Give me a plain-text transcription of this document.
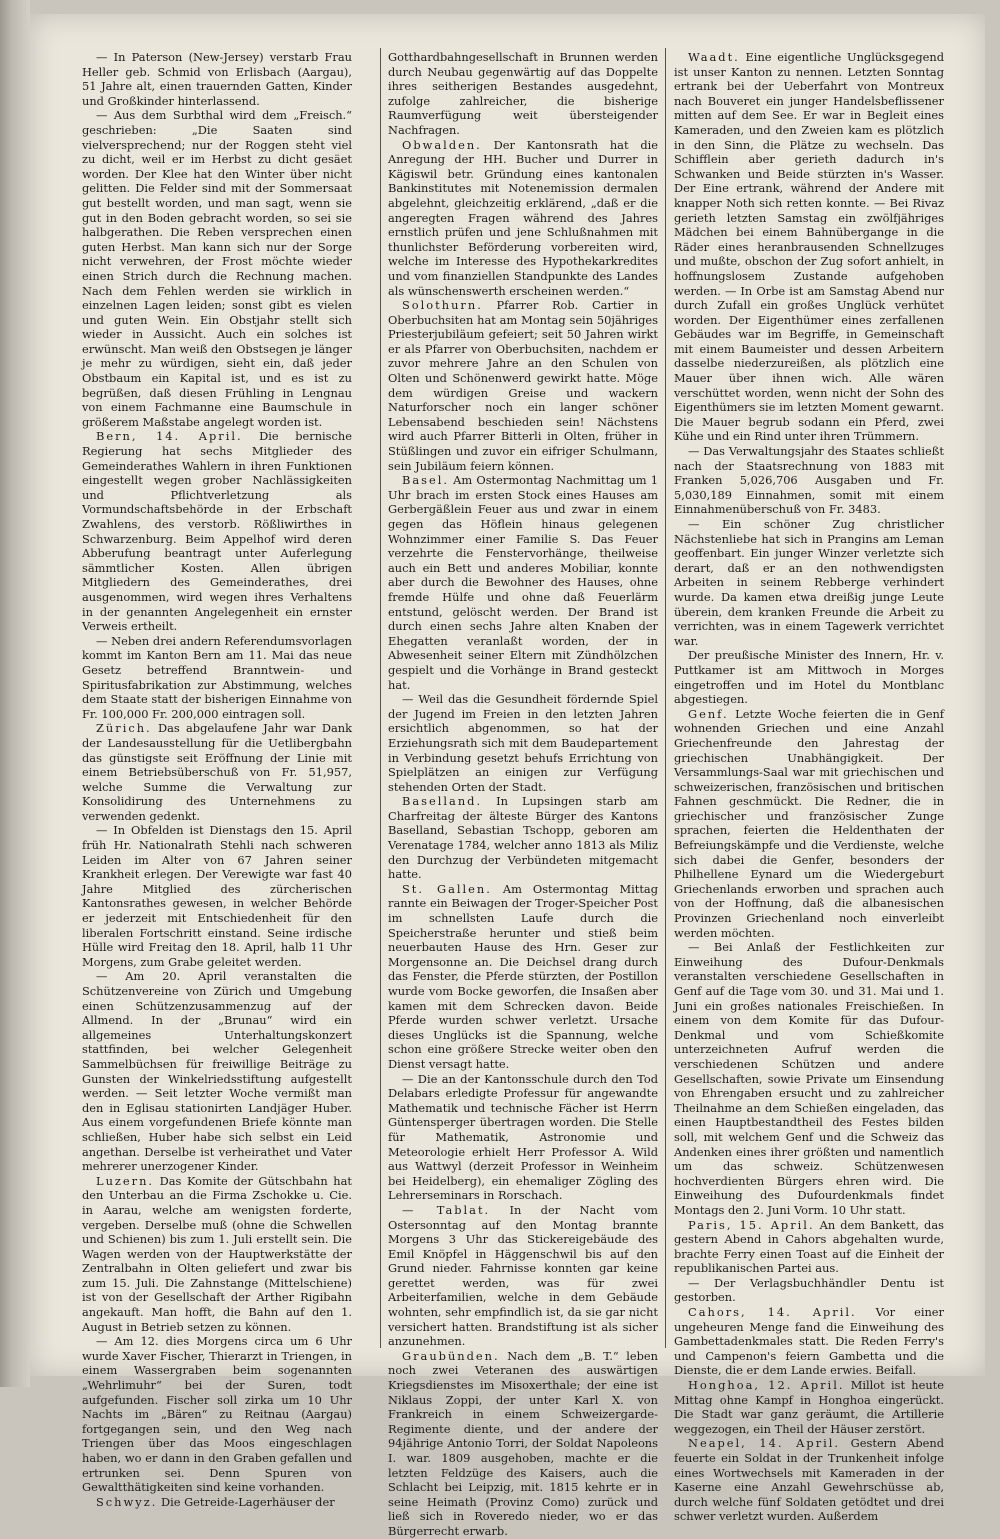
— In Paterson (New-Jersey) verstarb Frau Heller geb. Schmid von Erlisbach (Aargau), 51 Jahre alt, einen trauernden Gatten, Kinder und Großkinder hinterlassend.

— Aus dem Surbthal wird dem „Freisch.“ geschrieben: „Die Saaten sind vielversprechend; nur der Roggen steht viel zu dicht, weil er im Herbst zu dicht gesäet worden. Der Klee hat den Winter über nicht gelitten. Die Felder sind mit der Sommersaat gut bestellt worden, und man sagt, wenn sie gut in den Boden gebracht worden, so sei sie halbgerathen. Die Reben versprechen einen guten Herbst. Man kann sich nur der Sorge nicht verwehren, der Frost möchte wieder einen Strich durch die Rechnung machen. Nach dem Fehlen werden sie wirklich in einzelnen Lagen leiden; sonst gibt es vielen und guten Wein. Ein Obstjahr stellt sich wieder in Aussicht. Auch ein solches ist erwünscht. Man weiß den Obstsegen je länger je mehr zu würdigen, sieht ein, daß jeder Obstbaum ein Kapital ist, und es ist zu begrüßen, daß diesen Frühling in Lengnau von einem Fachmanne eine Baumschule in größerem Maßstabe angelegt worden ist.

Bern, 14. April. Die bernische Regierung hat sechs Mitglieder des Gemeinderathes Wahlern in ihren Funktionen eingestellt wegen grober Nachlässigkeiten und Pflichtverletzung als Vormundschaftsbehörde in der Erbschaft Zwahlens, des verstorb. Rößliwirthes in Schwarzenburg. Beim Appelhof wird deren Abberufung beantragt unter Auferlegung sämmtlicher Kosten. Allen übrigen Mitgliedern des Gemeinderathes, drei ausgenommen, wird wegen ihres Verhaltens in der genannten Angelegenheit ein ernster Verweis ertheilt.

— Neben drei andern Referendumsvorlagen kommt im Kanton Bern am 11. Mai das neue Gesetz betreffend Branntwein- und Spiritusfabrikation zur Abstimmung, welches dem Staate statt der bisherigen Einnahme von Fr. 100,000 Fr. 200,000 eintragen soll.

Zürich. Das abgelaufene Jahr war Dank der Landesausstellung für die Uetlibergbahn das günstigste seit Eröffnung der Linie mit einem Betriebsüberschuß von Fr. 51,957, welche Summe die Verwaltung zur Konsolidirung des Unternehmens zu verwenden gedenkt.

— In Obfelden ist Dienstags den 15. April früh Hr. Nationalrath Stehli nach schweren Leiden im Alter von 67 Jahren seiner Krankheit erlegen. Der Verewigte war fast 40 Jahre Mitglied des zürcherischen Kantonsrathes gewesen, in welcher Behörde er jederzeit mit Entschiedenheit für den liberalen Fortschritt einstand. Seine irdische Hülle wird Freitag den 18. April, halb 11 Uhr Morgens, zum Grabe geleitet werden.

— Am 20. April veranstalten die Schützenvereine von Zürich und Umgebung einen Schützenzusammenzug auf der Allmend. In der „Brunau“ wird ein allgemeines Unterhaltungskonzert stattfinden, bei welcher Gelegenheit Sammelbüchsen für freiwillige Beiträge zu Gunsten der Winkelriedsstiftung aufgestellt werden. — Seit letzter Woche vermißt man den in Eglisau stationirten Landjäger Huber. Aus einem vorgefundenen Briefe könnte man schließen, Huber habe sich selbst ein Leid angethan. Derselbe ist verheirathet und Vater mehrerer unerzogener Kinder.

Luzern. Das Komite der Gütschbahn hat den Unterbau an die Firma Zschokke u. Cie. in Aarau, welche am wenigsten forderte, vergeben. Derselbe muß (ohne die Schwellen und Schienen) bis zum 1. Juli erstellt sein. Die Wagen werden von der Hauptwerkstätte der Zentralbahn in Olten geliefert und zwar bis zum 15. Juli. Die Zahnstange (Mittelschiene) ist von der Gesellschaft der Arther Rigibahn angekauft. Man hofft, die Bahn auf den 1. August in Betrieb setzen zu können.

— Am 12. dies Morgens circa um 6 Uhr wurde Xaver Fischer, Thierarzt in Triengen, in einem Wassergraben beim sogenannten „Wehrlimuhr“ bei der Suren, todt aufgefunden. Fischer soll zirka um 10 Uhr Nachts im „Bären“ zu Reitnau (Aargau) fortgegangen sein, und den Weg nach Triengen über das Moos eingeschlagen haben, wo er dann in den Graben gefallen und ertrunken sei. Denn Spuren von Gewaltthätigkeiten sind keine vorhanden.

Schwyz. Die Getreide-Lagerhäuser der

Gotthardbahngesellschaft in Brunnen werden durch Neubau gegenwärtig auf das Doppelte ihres seitherigen Bestandes ausgedehnt, zufolge zahlreicher, die bisherige Raumverfügung weit übersteigender Nachfragen.

Obwalden. Der Kantonsrath hat die Anregung der HH. Bucher und Durrer in Kägiswil betr. Gründung eines kantonalen Bankinstitutes mit Notenemission dermalen abgelehnt, gleichzeitig erklärend, „daß er die angeregten Fragen während des Jahres ernstlich prüfen und jene Schlußnahmen mit thunlichster Beförderung vorbereiten wird, welche im Interesse des Hypothekarkredites und vom finanziellen Standpunkte des Landes als wünschenswerth erscheinen werden.“

Solothurn. Pfarrer Rob. Cartier in Oberbuchsiten hat am Montag sein 50jähriges Priesterjubiläum gefeiert; seit 50 Jahren wirkt er als Pfarrer von Oberbuchsiten, nachdem er zuvor mehrere Jahre an den Schulen von Olten und Schönenwerd gewirkt hatte. Möge dem würdigen Greise und wackern Naturforscher noch ein langer schöner Lebensabend beschieden sein! Nächstens wird auch Pfarrer Bitterli in Olten, früher in Stüßlingen und zuvor ein eifriger Schulmann, sein Jubiläum feiern können.

Basel. Am Ostermontag Nachmittag um 1 Uhr brach im ersten Stock eines Hauses am Gerbergäßlein Feuer aus und zwar in einem gegen das Höflein hinaus gelegenen Wohnzimmer einer Familie S. Das Feuer verzehrte die Fenstervorhänge, theilweise auch ein Bett und anderes Mobiliar, konnte aber durch die Bewohner des Hauses, ohne fremde Hülfe und ohne daß Feuerlärm entstund, gelöscht werden. Der Brand ist durch einen sechs Jahre alten Knaben der Ehegatten veranlaßt worden, der in Abwesenheit seiner Eltern mit Zündhölzchen gespielt und die Vorhänge in Brand gesteckt hat.

— Weil das die Gesundheit fördernde Spiel der Jugend im Freien in den letzten Jahren ersichtlich abgenommen, so hat der Erziehungsrath sich mit dem Baudepartement in Verbindung gesetzt behufs Errichtung von Spielplätzen an einigen zur Verfügung stehenden Orten der Stadt.

Baselland. In Lupsingen starb am Charfreitag der älteste Bürger des Kantons Baselland, Sebastian Tschopp, geboren am Verenatage 1784, welcher anno 1813 als Miliz den Durchzug der Verbündeten mitgemacht hatte.

St. Gallen. Am Ostermontag Mittag rannte ein Beiwagen der Troger-Speicher Post im schnellsten Laufe durch die Speicherstraße herunter und stieß beim neuerbauten Hause des Hrn. Geser zur Morgensonne an. Die Deichsel drang durch das Fenster, die Pferde stürzten, der Postillon wurde vom Bocke geworfen, die Insaßen aber kamen mit dem Schrecken davon. Beide Pferde wurden schwer verletzt. Ursache dieses Unglücks ist die Spannung, welche schon eine größere Strecke weiter oben den Dienst versagt hatte.

— Die an der Kantonsschule durch den Tod Delabars erledigte Professur für angewandte Mathematik und technische Fächer ist Herrn Güntensperger übertragen worden. Die Stelle für Mathematik, Astronomie und Meteorologie erhielt Herr Professor A. Wild aus Wattwyl (derzeit Professor in Weinheim bei Heidelberg), ein ehemaliger Zögling des Lehrerseminars in Rorschach.

— Tablat. In der Nacht vom Ostersonntag auf den Montag brannte Morgens 3 Uhr das Stickereigebäude des Emil Knöpfel in Häggenschwil bis auf den Grund nieder. Fahrnisse konnten gar keine gerettet werden, was für zwei Arbeiterfamilien, welche in dem Gebäude wohnten, sehr empfindlich ist, da sie gar nicht versichert hatten. Brandstiftung ist als sicher anzunehmen.

Graubünden. Nach dem „B. T.“ leben noch zwei Veteranen des auswärtigen Kriegsdienstes im Misoxerthale; der eine ist Niklaus Zoppi, der unter Karl X. von Frankreich in einem Schweizergarde-Regimente diente, und der andere der 94jährige Antonio Torri, der Soldat Napoleons I. war. 1809 ausgehoben, machte er die letzten Feldzüge des Kaisers, auch die Schlacht bei Leipzig, mit. 1815 kehrte er in seine Heimath (Provinz Como) zurück und ließ sich in Roveredo nieder, wo er das Bürgerrecht erwarb.

Waadt. Eine eigentliche Unglücksgegend ist unser Kanton zu nennen. Letzten Sonntag ertrank bei der Ueberfahrt von Montreux nach Bouveret ein junger Handelsbeflissener mitten auf dem See. Er war in Begleit eines Kameraden, und den Zweien kam es plötzlich in den Sinn, die Plätze zu wechseln. Das Schifflein aber gerieth dadurch in's Schwanken und Beide stürzten in's Wasser. Der Eine ertrank, während der Andere mit knapper Noth sich retten konnte. — Bei Rivaz gerieth letzten Samstag ein zwölfjähriges Mädchen bei einem Bahnübergange in die Räder eines heranbrausenden Schnellzuges und mußte, obschon der Zug sofort anhielt, in hoffnungslosem Zustande aufgehoben werden. — In Orbe ist am Samstag Abend nur durch Zufall ein großes Unglück verhütet worden. Der Eigenthümer eines zerfallenen Gebäudes war im Begriffe, in Gemeinschaft mit einem Baumeister und dessen Arbeitern dasselbe niederzureißen, als plötzlich eine Mauer über ihnen wich. Alle wären verschüttet worden, wenn nicht der Sohn des Eigenthümers sie im letzten Moment gewarnt. Die Mauer begrub sodann ein Pferd, zwei Kühe und ein Rind unter ihren Trümmern.

— Das Verwaltungsjahr des Staates schließt nach der Staatsrechnung von 1883 mit Franken 5,026,706 Ausgaben und Fr. 5,030,189 Einnahmen, somit mit einem Einnahmenüberschuß von Fr. 3483.

— Ein schöner Zug christlicher Nächstenliebe hat sich in Prangins am Leman geoffenbart. Ein junger Winzer verletzte sich derart, daß er an den nothwendigsten Arbeiten in seinem Rebberge verhindert wurde. Da kamen etwa dreißig junge Leute überein, dem kranken Freunde die Arbeit zu verrichten, was in einem Tagewerk verrichtet war.

Der preußische Minister des Innern, Hr. v. Puttkamer ist am Mittwoch in Morges eingetroffen und im Hotel du Montblanc abgestiegen.

Genf. Letzte Woche feierten die in Genf wohnenden Griechen und eine Anzahl Griechenfreunde den Jahrestag der griechischen Unabhängigkeit. Der Versammlungs-Saal war mit griechischen und schweizerischen, französischen und britischen Fahnen geschmückt. Die Redner, die in griechischer und französischer Zunge sprachen, feierten die Heldenthaten der Befreiungskämpfe und die Verdienste, welche sich dabei die Genfer, besonders der Philhellene Eynard um die Wiedergeburt Griechenlands erworben und sprachen auch von der Hoffnung, daß die albanesischen Provinzen Griechenland noch einverleibt werden möchten.

— Bei Anlaß der Festlichkeiten zur Einweihung des Dufour-Denkmals veranstalten verschiedene Gesellschaften in Genf auf die Tage vom 30. und 31. Mai und 1. Juni ein großes nationales Freischießen. In einem von dem Komite für das Dufour-Denkmal und vom Schießkomite unterzeichneten Aufruf werden die verschiedenen Schützen und andere Gesellschaften, sowie Private um Einsendung von Ehrengaben ersucht und zu zahlreicher Theilnahme an dem Schießen eingeladen, das einen Hauptbestandtheil des Festes bilden soll, mit welchem Genf und die Schweiz das Andenken eines ihrer größten und namentlich um das schweiz. Schützenwesen hochverdienten Bürgers ehren wird. Die Einweihung des Dufourdenkmals findet Montags den 2. Juni Vorm. 10 Uhr statt.

Paris, 15. April. An dem Bankett, das gestern Abend in Cahors abgehalten wurde, brachte Ferry einen Toast auf die Einheit der republikanischen Partei aus.

— Der Verlagsbuchhändler Dentu ist gestorben.

Cahors, 14. April. Vor einer ungeheuren Menge fand die Einweihung des Gambettadenkmales statt. Die Reden Ferry's und Campenon's feiern Gambetta und die Dienste, die er dem Lande erwies. Beifall.

Honghoa, 12. April. Millot ist heute Mittag ohne Kampf in Honghoa eingerückt. Die Stadt war ganz geräumt, die Artillerie weggezogen, ein Theil der Häuser zerstört.

Neapel, 14. April. Gestern Abend feuerte ein Soldat in der Trunkenheit infolge eines Wortwechsels mit Kameraden in der Kaserne eine Anzahl Gewehrschüsse ab, durch welche fünf Soldaten getödtet und drei schwer verletzt wurden. Außerdem
